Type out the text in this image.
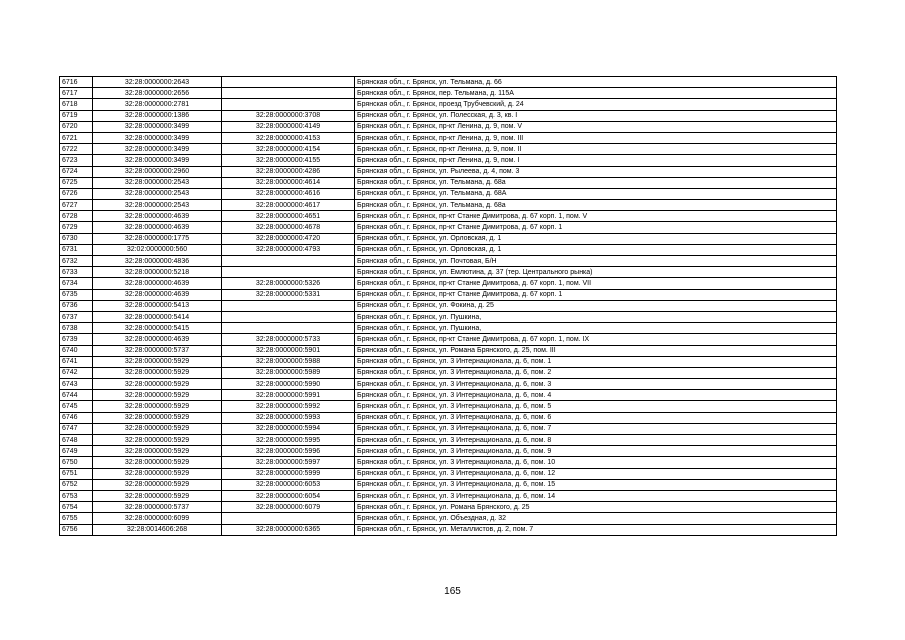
6716	32:28:0000000:2643		Брянская обл., г. Брянск, ул. Тельмана, д. 66
6717	32:28:0000000:2656		Брянская обл., г. Брянск, пер. Тельмана, д. 115А
6718	32:28:0000000:2781		Брянская обл., г. Брянск, проезд Трубчевский, д. 24
6719	32:28:0000000:1386	32:28:0000000:3708	Брянская обл., г. Брянск, ул. Полесская, д. 3, кв. I
6720	32:28:0000000:3499	32:28:0000000:4149	Брянская обл., г. Брянск, пр-кт Ленина, д. 9, пом. V
6721	32:28:0000000:3499	32:28:0000000:4153	Брянская обл., г. Брянск, пр-кт Ленина, д. 9, пом. III
6722	32:28:0000000:3499	32:28:0000000:4154	Брянская обл., г. Брянск, пр-кт Ленина, д. 9, пом. II
6723	32:28:0000000:3499	32:28:0000000:4155	Брянская обл., г. Брянск, пр-кт Ленина, д. 9, пом. I
6724	32:28:0000000:2960	32:28:0000000:4286	Брянская обл., г. Брянск, ул. Рылеева, д. 4, пом. 3
6725	32:28:0000000:2543	32:28:0000000:4614	Брянская обл., г. Брянск, ул. Тельмана, д. 68а
6726	32:28:0000000:2543	32:28:0000000:4616	Брянская обл., г. Брянск, ул. Тельмана, д. 68А
6727	32:28:0000000:2543	32:28:0000000:4617	Брянская обл., г. Брянск, ул. Тельмана, д. 68а
6728	32:28:0000000:4639	32:28:0000000:4651	Брянская обл., г. Брянск, пр-кт Станке Димитрова, д. 67 корп. 1, пом. V
6729	32:28:0000000:4639	32:28:0000000:4678	Брянская обл., г. Брянск, пр-кт Станке Димитрова, д. 67 корп. 1
6730	32:28:0000000:1775	32:28:0000000:4720	Брянская обл., г. Брянск, ул. Орловская, д. 1
6731	32:02:0000000:560	32:28:0000000:4793	Брянская обл., г. Брянск, ул. Орловская, д. 1
6732	32:28:0000000:4836		Брянская обл., г. Брянск, ул. Почтовая, Б/Н
6733	32:28:0000000:5218		Брянская обл., г. Брянск, ул. Емлютина, д. 37 (тер. Центрального рынка)
6734	32:28:0000000:4639	32:28:0000000:5326	Брянская обл., г. Брянск, пр-кт Станке Димитрова, д. 67 корп. 1, пом. VII
6735	32:28:0000000:4639	32:28:0000000:5331	Брянская обл., г. Брянск, пр-кт Станке Димитрова, д. 67 корп. 1
6736	32:28:0000000:5413		Брянская обл., г. Брянск, ул. Фокина, д. 25
6737	32:28:0000000:5414		Брянская обл., г. Брянск, ул. Пушкина,
6738	32:28:0000000:5415		Брянская обл., г. Брянск, ул. Пушкина,
6739	32:28:0000000:4639	32:28:0000000:5733	Брянская обл., г. Брянск, пр-кт Станке Димитрова, д. 67 корп. 1, пом. IX
6740	32:28:0000000:5737	32:28:0000000:5901	Брянская обл., г. Брянск, ул. Романа Брянского, д. 25, пом. III
6741	32:28:0000000:5929	32:28:0000000:5988	Брянская обл., г. Брянск, ул. 3 Интернационала, д. 6, пом. 1
6742	32:28:0000000:5929	32:28:0000000:5989	Брянская обл., г. Брянск, ул. 3 Интернационала, д. 6, пом. 2
6743	32:28:0000000:5929	32:28:0000000:5990	Брянская обл., г. Брянск, ул. 3 Интернационала, д. 6, пом. 3
6744	32:28:0000000:5929	32:28:0000000:5991	Брянская обл., г. Брянск, ул. 3 Интернационала, д. 6, пом. 4
6745	32:28:0000000:5929	32:28:0000000:5992	Брянская обл., г. Брянск, ул. 3 Интернационала, д. 6, пом. 5
6746	32:28:0000000:5929	32:28:0000000:5993	Брянская обл., г. Брянск, ул. 3 Интернационала, д. 6, пом. 6
6747	32:28:0000000:5929	32:28:0000000:5994	Брянская обл., г. Брянск, ул. 3 Интернационала, д. 6, пом. 7
6748	32:28:0000000:5929	32:28:0000000:5995	Брянская обл., г. Брянск, ул. 3 Интернационала, д. 6, пом. 8
6749	32:28:0000000:5929	32:28:0000000:5996	Брянская обл., г. Брянск, ул. 3 Интернационала, д. 6, пом. 9
6750	32:28:0000000:5929	32:28:0000000:5997	Брянская обл., г. Брянск, ул. 3 Интернационала, д. 6, пом. 10
6751	32:28:0000000:5929	32:28:0000000:5999	Брянская обл., г. Брянск, ул. 3 Интернационала, д. 6, пом. 12
6752	32:28:0000000:5929	32:28:0000000:6053	Брянская обл., г. Брянск, ул. 3 Интернационала, д. 6, пом. 15
6753	32:28:0000000:5929	32:28:0000000:6054	Брянская обл., г. Брянск, ул. 3 Интернационала, д. 6, пом. 14
6754	32:28:0000000:5737	32:28:0000000:6079	Брянская обл., г. Брянск, ул. Романа Брянского, д. 25
6755	32:28:0000000:6099		Брянская обл., г. Брянск, ул. Объездная, д. 32
6756	32:28:0014606:268	32:28:0000000:6365	Брянская обл., г. Брянск, ул. Металлистов, д. 2, пом. 7
165
